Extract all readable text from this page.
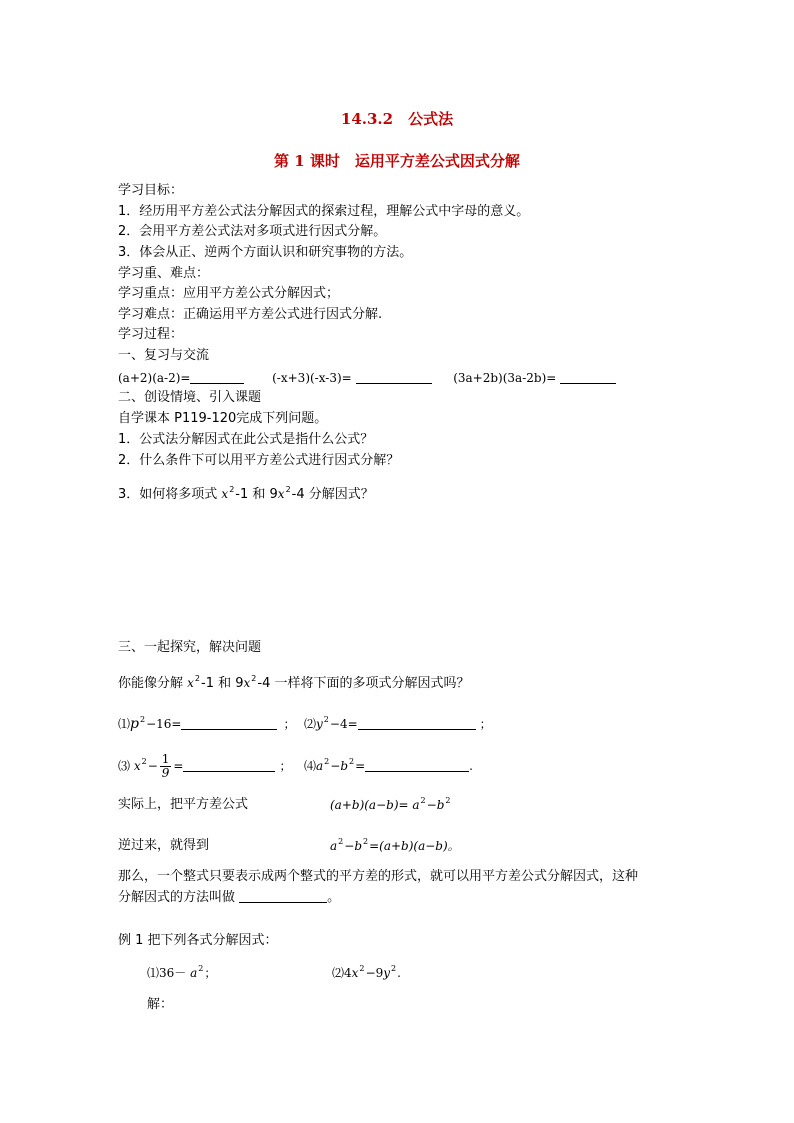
14.3.2　公式法
第 1 课时　运用平方差公式因式分解
学习目标：
1．经历用平方差公式法分解因式的探索过程，理解公式中字母的意义。
2．会用平方差公式法对多项式进行因式分解。
3．体会从正、逆两个方面认识和研究事物的方法。
学习重、难点：
学习重点：应用平方差公式分解因式；
学习难点：正确运用平方差公式进行因式分解.
学习过程：
一、复习与交流
(a+2)(a-2)=	(-x+3)(-x-3)=	(3a+2b)(3a-2b)=
二、创设情境、引入课题
自学课本 P119-120完成下列问题。
1．公式法分解因式在此公式是指什么公式？
2．什么条件下可以用平方差公式进行因式分解？
3．如何将多项式 $x^2-1$ 和 $9x^2-4$ 分解因式？
三、一起探究，解决问题
你能像分解 $x^2-1$ 和 $9x^2-4$ 一样将下面的多项式分解因式吗？
$⑴p^2-16=$	； $⑵y^2-4=$	；
⑶ $x^2- \frac{1}{9}$ =	； $⑷a^2-b^2=$	.
实际上，把平方差公式	$(a+b)(a-b)= a^2-b^2$
逆过来，就得到	$a^2-b^2=(a+b)(a-b)$。
那么，一个整式只要表示成两个整式的平方差的形式，就可以用平方差公式分解因式，这种
分解因式的方法叫做	。
例 1 把下列各式分解因式：
⑴36－ $a^2$；	$⑵4x^2-9y^2$.
解：
